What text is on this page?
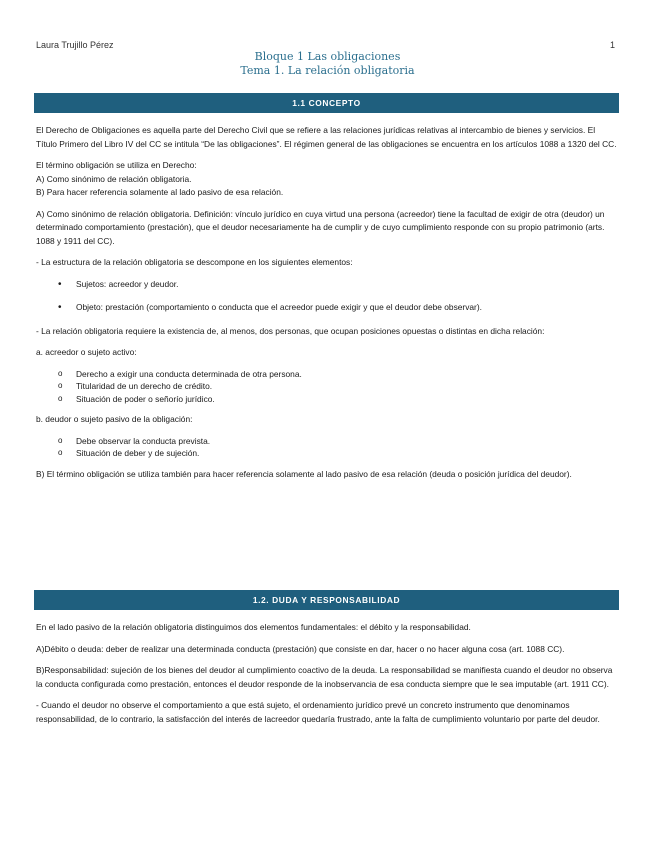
Laura Trujillo Pérez	1
Bloque 1 Las obligaciones
Tema 1. La relación obligatoria
1.1 CONCEPTO

El Derecho de Obligaciones es aquella parte del Derecho Civil que se refiere a las relaciones jurídicas relativas al intercambio de bienes y servicios. El Título Primero del Libro IV del CC se intitula “De las obligaciones”. El régimen general de las obligaciones se encuentra en los artículos 1088 a 1320 del CC.

El término obligación se utiliza en Derecho:

A) Como sinónimo de relación obligatoria.

B) Para hacer referencia solamente al lado pasivo de esa relación.

A) Como sinónimo de relación obligatoria. Definición: vínculo jurídico en cuya virtud una persona (acreedor) tiene la facultad de exigir de otra (deudor) un determinado comportamiento (prestación), que el deudor necesariamente ha de cumplir y de cuyo cumplimiento responde con su propio patrimonio (arts. 1088 y 1911 del CC).

- La estructura de la relación obligatoria se descompone en los siguientes elementos:

• Sujetos: acreedor y deudor.
• Objeto: prestación (comportamiento o conducta que el acreedor puede exigir y que el deudor debe observar).

- La relación obligatoria requiere la existencia de, al menos, dos personas, que ocupan posiciones opuestas o distintas en dicha relación:

a. acreedor o sujeto activo:

o Derecho a exigir una conducta determinada de otra persona.
o Titularidad de un derecho de crédito.
o Situación de poder o señorío jurídico.

b. deudor o sujeto pasivo de la obligación:

o Debe observar la conducta prevista.
o Situación de deber y de sujeción.

B) El término obligación se utiliza también para hacer referencia solamente al lado pasivo de esa relación (deuda o posición jurídica del deudor).

1.2. DUDA Y RESPONSABILIDAD

En el lado pasivo de la relación obligatoria distinguimos dos elementos fundamentales: el débito y la responsabilidad.

A)Débito o deuda: deber de realizar una determinada conducta (prestación) que consiste en dar, hacer o no hacer alguna cosa (art. 1088 CC).

B)Responsabilidad: sujeción de los bienes del deudor al cumplimiento coactivo de la deuda. La responsabilidad se manifiesta cuando el deudor no observa la conducta configurada como prestación, entonces el deudor responde de la inobservancia de esa conducta siempre que le sea imputable (art. 1911 CC).

- Cuando el deudor no observe el comportamiento a que está sujeto, el ordenamiento jurídico prevé un concreto instrumento que denominamos responsabilidad, de lo contrario, la satisfacción del interés de lacreedor quedaría frustrado, ante la falta de cumplimiento voluntario por parte del deudor.
